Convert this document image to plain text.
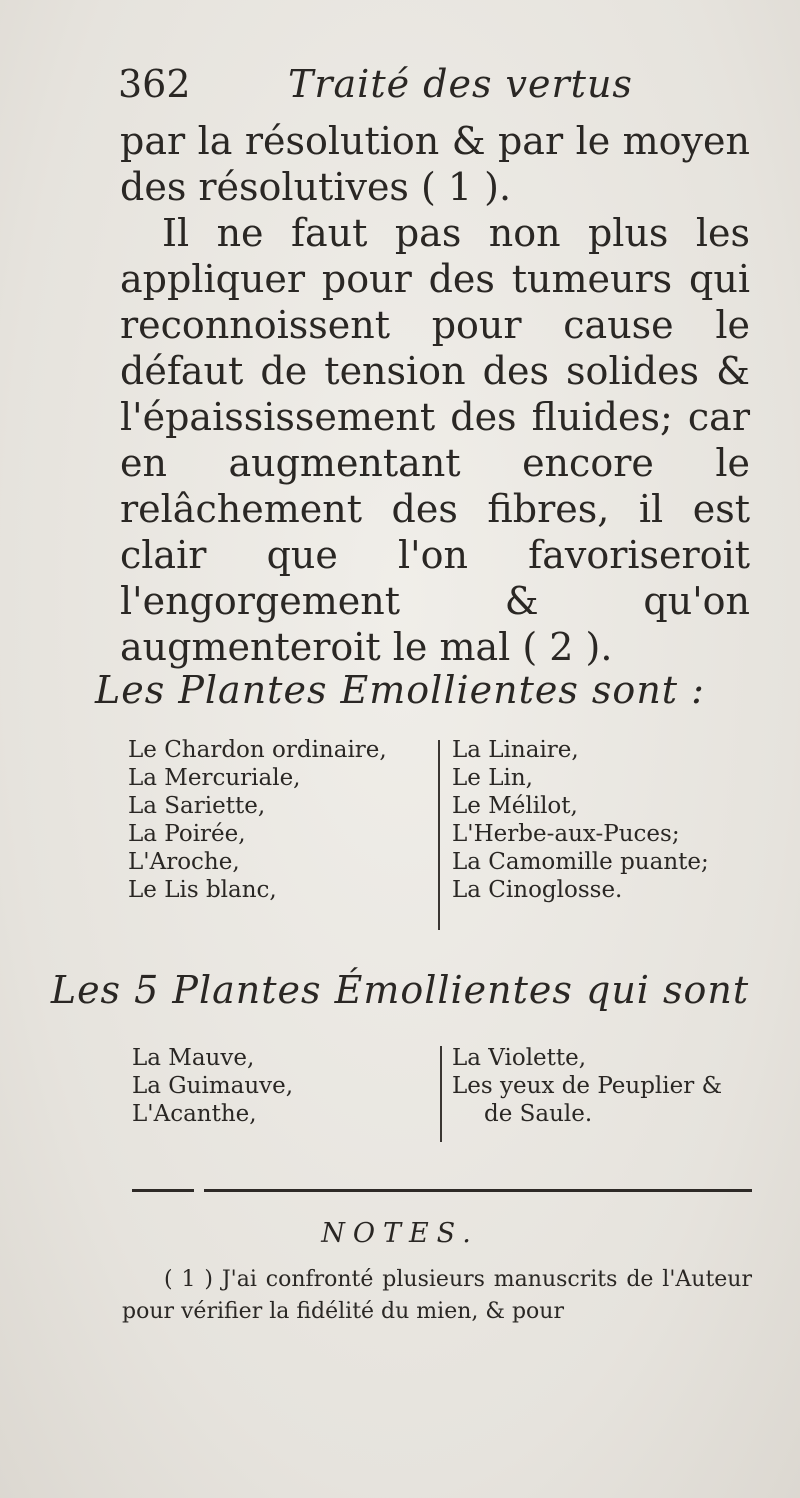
362	Traité des vertus

par la résolution & par le moyen des résolutives ( 1 ).

Il ne faut pas non plus les appliquer pour des tumeurs qui reconnoissent pour cause le défaut de tension des solides & l'épaississement des fluides; car en augmentant encore le relâchement des fibres, il est clair que l'on favoriseroit l'engorgement & qu'on augmenteroit le mal ( 2 ).

Les Plantes Emollientes sont :
Le Chardon ordinaire,
La Mercuriale,
La Sariette,
La Poirée,
L'Aroche,
Le Lis blanc,
La Linaire,
Le Lin,
Le Mélilot,
L'Herbe-aux-Puces;
La Camomille puante;
La Cinoglosse.
Les 5 Plantes Émollientes qui sont
La Mauve,
La Guimauve,
L'Acanthe,
La Violette,
Les yeux de Peuplier &
de Saule.
NOTES.

( 1 ) J'ai confronté plusieurs manuscrits de l'Auteur pour vérifier la fidélité du mien, & pour
